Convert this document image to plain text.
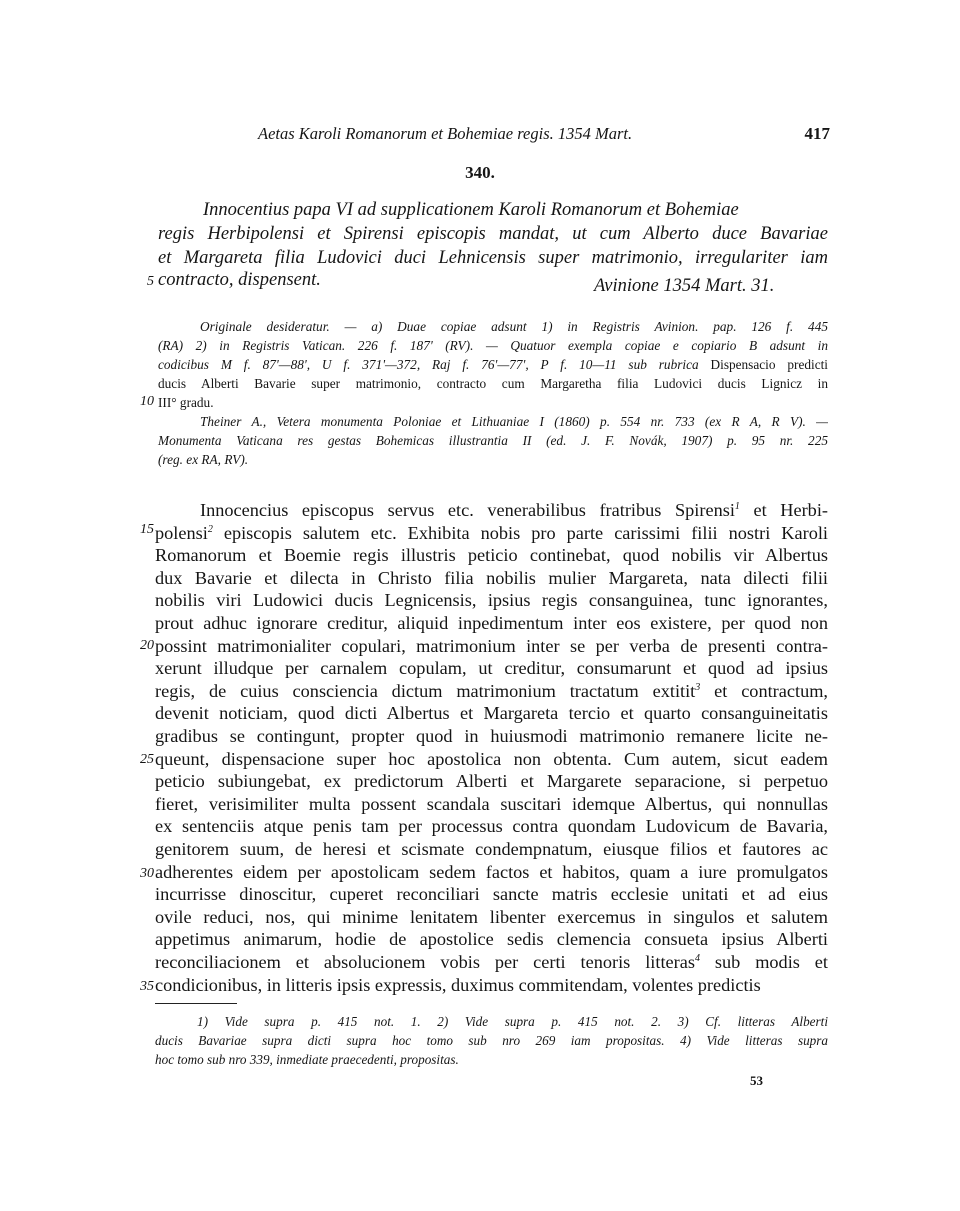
Aetas Karoli Romanorum et Bohemiae regis. 1354 Mart.	417
340.
Innocentius papa VI ad supplicationem Karoli Romanorum et Bohemiae
regis Herbipolensi et Spirensi episcopis mandat, ut cum Alberto duce Bavariae
et Margareta filia Ludovici duci Lehnicensis super matrimonio, irregulariter iam
contracto, dispensent.	Avinione 1354 Mart. 31.
5
10
15
20
25
30
35
Originale desideratur. — a) Duae copiae adsunt 1) in Registris Avinion. pap. 126 f. 445
(RA) 2) in Registris Vatican. 226 f. 187' (RV). — Quatuor exempla copiae e copiario B adsunt in
codicibus M f. 87'—88', U f. 371'—372, Raj f. 76'—77', P f. 10—11 sub rubrica Dispensacio predicti
ducis Alberti Bavarie super matrimonio, contracto cum Margaretha filia Ludovici ducis Lignicz in
III° gradu.
Theiner A., Vetera monumenta Poloniae et Lithuaniae I (1860) p. 554 nr. 733 (ex R A, R V). —
Monumenta Vaticana res gestas Bohemicas illustrantia II (ed. J. F. Novák, 1907) p. 95 nr. 225
(reg. ex RA, RV).
Innocencius episcopus servus etc. venerabilibus fratribus Spirensi$^1$ et Herbi-
polensi$^2$ episcopis salutem etc. Exhibita nobis pro parte carissimi filii nostri Karoli
Romanorum et Boemie regis illustris peticio continebat, quod nobilis vir Albertus
dux Bavarie et dilecta in Christo filia nobilis mulier Margareta, nata dilecti filii
nobilis viri Ludowici ducis Legnicensis, ipsius regis consanguinea, tunc ignorantes,
prout adhuc ignorare creditur, aliquid inpedimentum inter eos existere, per quod non
possint matrimonialiter copulari, matrimonium inter se per verba de presenti contra-
xerunt illudque per carnalem copulam, ut creditur, consumarunt et quod ad ipsius
regis, de cuius consciencia dictum matrimonium tractatum extitit$^3$ et contractum,
devenit noticiam, quod dicti Albertus et Margareta tercio et quarto consanguineitatis
gradibus se contingunt, propter quod in huiusmodi matrimonio remanere licite ne-
queunt, dispensacione super hoc apostolica non obtenta. Cum autem, sicut eadem
peticio subiungebat, ex predictorum Alberti et Margarete separacione, si perpetuo
fieret, verisimiliter multa possent scandala suscitari idemque Albertus, qui nonnullas
ex sentenciis atque penis tam per processus contra quondam Ludovicum de Bavaria,
genitorem suum, de heresi et scismate condempnatum, eiusque filios et fautores ac
adherentes eidem per apostolicam sedem factos et habitos, quam a iure promulgatos
incurrisse dinoscitur, cuperet reconciliari sancte matris ecclesie unitati et ad eius
ovile reduci, nos, qui minime lenitatem libenter exercemus in singulos et salutem
appetimus animarum, hodie de apostolice sedis clemencia consueta ipsius Alberti
reconciliacionem et absolucionem vobis per certi tenoris litteras$^4$ sub modis et
condicionibus, in litteris ipsis expressis, duximus commitendam, volentes predictis
1) Vide supra p. 415 not. 1. 2) Vide supra p. 415 not. 2. 3) Cf. litteras Alberti
ducis Bavariae supra dicti supra hoc tomo sub nro 269 iam propositas. 4) Vide litteras supra
hoc tomo sub nro 339, inmediate praecedenti, propositas.
53
